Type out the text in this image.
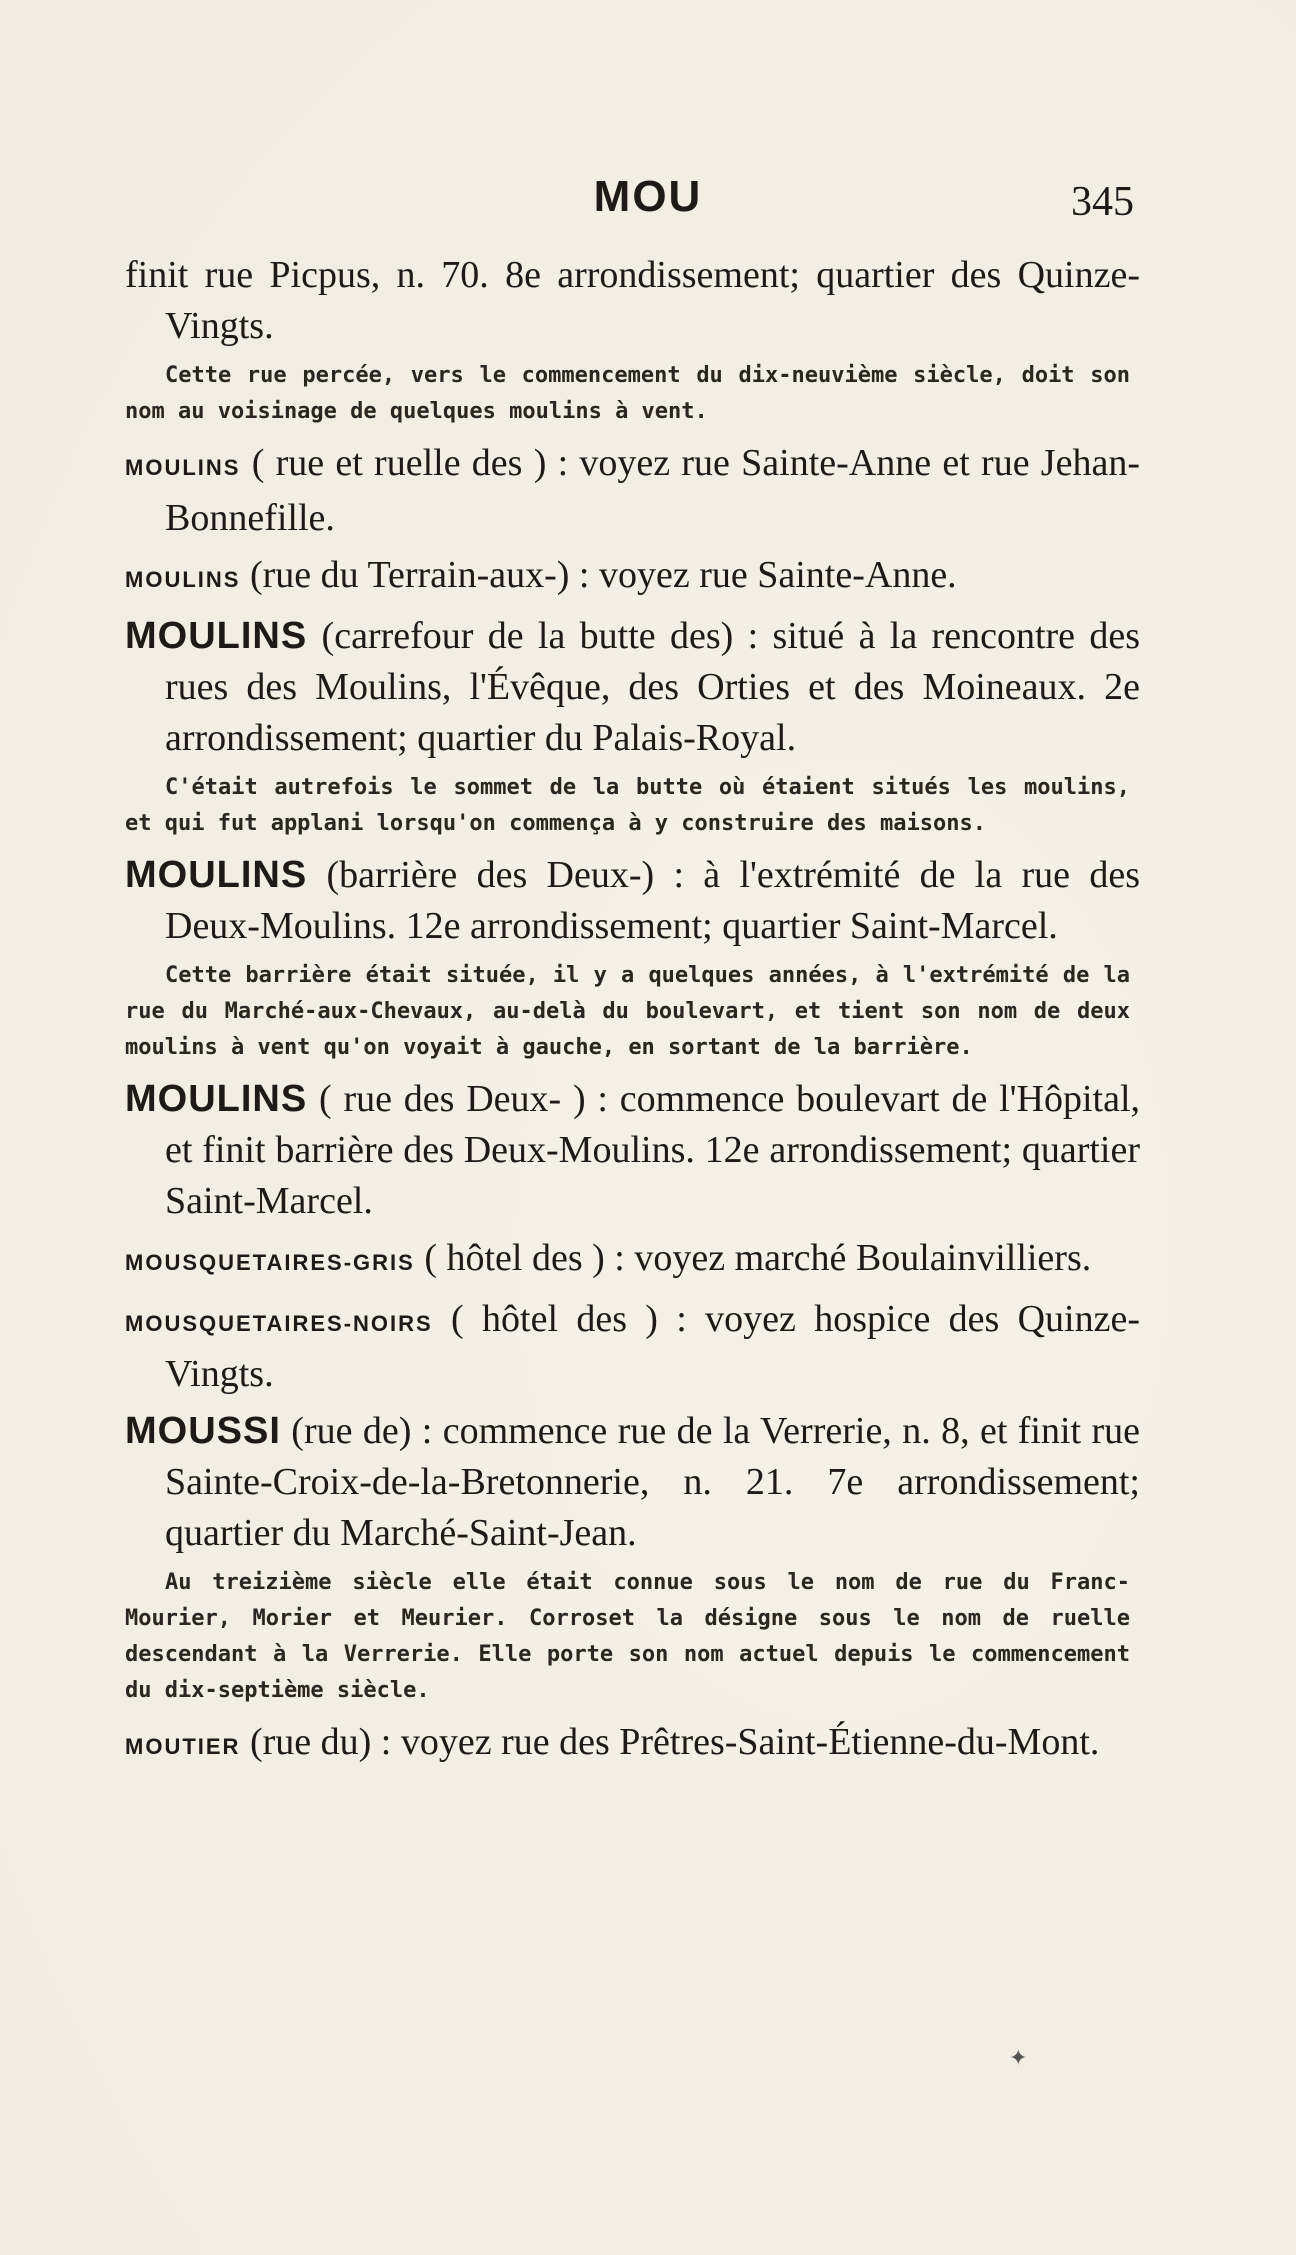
MOU	345

finit rue Picpus, n. 70. 8e arrondissement; quartier des Quinze-Vingts.

Cette rue percée, vers le commencement du dix-neuvième siècle, doit son nom au voisinage de quelques moulins à vent.

MOULINS ( rue et ruelle des ) : voyez rue Sainte-Anne et rue Jehan-Bonnefille.

MOULINS (rue du Terrain-aux-) : voyez rue Sainte-Anne.

MOULINS (carrefour de la butte des) : situé à la rencontre des rues des Moulins, l'Évêque, des Orties et des Moineaux. 2e arrondissement; quartier du Palais-Royal.

C'était autrefois le sommet de la butte où étaient situés les moulins, et qui fut applani lorsqu'on commença à y construire des maisons.

MOULINS (barrière des Deux-) : à l'extrémité de la rue des Deux-Moulins. 12e arrondissement; quartier Saint-Marcel.

Cette barrière était située, il y a quelques années, à l'extrémité de la rue du Marché-aux-Chevaux, au-delà du boulevart, et tient son nom de deux moulins à vent qu'on voyait à gauche, en sortant de la barrière.

MOULINS ( rue des Deux- ) : commence boulevart de l'Hôpital, et finit barrière des Deux-Moulins. 12e arrondissement; quartier Saint-Marcel.

MOUSQUETAIRES-GRIS ( hôtel des ) : voyez marché Boulainvilliers.

MOUSQUETAIRES-NOIRS ( hôtel des ) : voyez hospice des Quinze-Vingts.

MOUSSI (rue de) : commence rue de la Verrerie, n. 8, et finit rue Sainte-Croix-de-la-Bretonnerie, n. 21. 7e arrondissement; quartier du Marché-Saint-Jean.

Au treizième siècle elle était connue sous le nom de rue du Franc-Mourier, Morier et Meurier. Corroset la désigne sous le nom de ruelle descendant à la Verrerie. Elle porte son nom actuel depuis le commencement du dix-septième siècle.

MOUTIER (rue du) : voyez rue des Prêtres-Saint-Étienne-du-Mont.

✦
